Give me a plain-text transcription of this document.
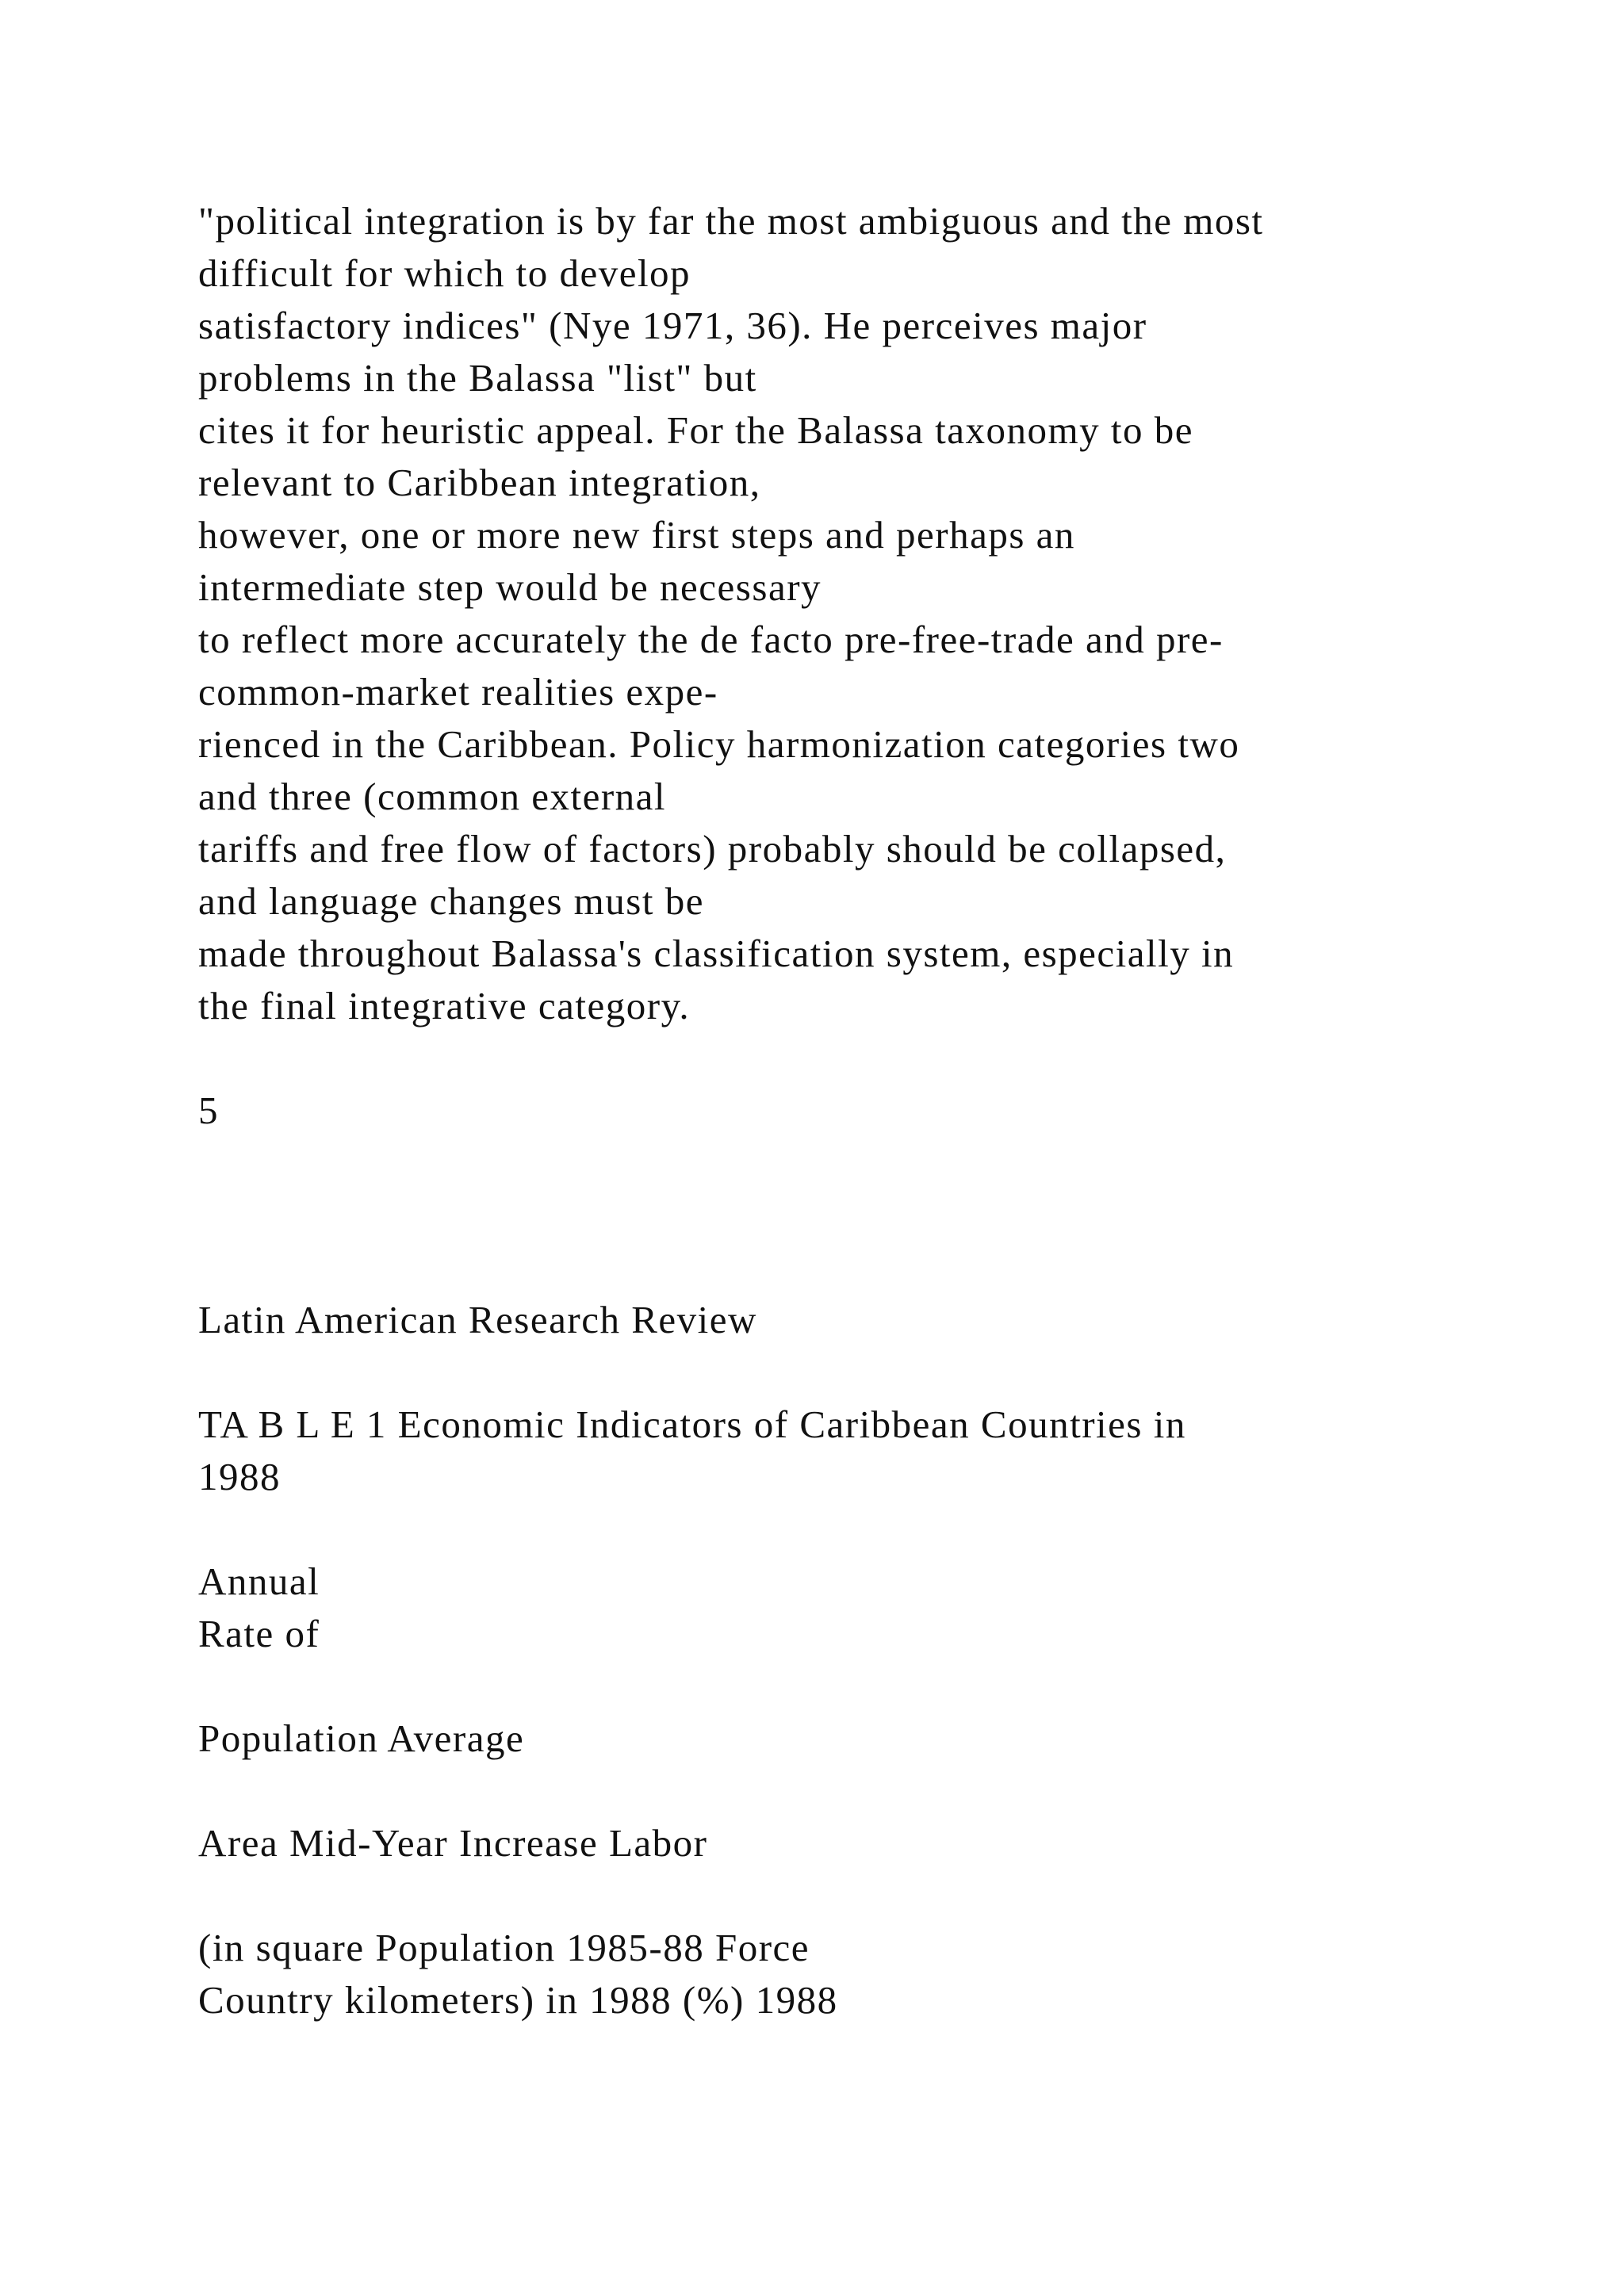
"political integration is by far the most ambiguous and the most

difficult for which to develop

satisfactory indices" (Nye 1971, 36). He perceives major

problems in the Balassa "list" but

cites it for heuristic appeal. For the Balassa taxonomy to be

relevant to Caribbean integration,

however, one or more new first steps and perhaps an

intermediate step would be necessary

to reflect more accurately the de facto pre-free-trade and pre-

common-market realities expe-

rienced in the Caribbean. Policy harmonization categories two

and three (common external

tariffs and free flow of factors) probably should be collapsed,

and language changes must be

made throughout Balassa's classification system, especially in

the final integrative category.

5

Latin American Research Review

TA B L E 1 Economic Indicators of Caribbean Countries in

1988

Annual

Rate of

Population Average

Area Mid-Year Increase Labor

(in square Population 1985-88 Force

Country kilometers) in 1988 (%) 1988
